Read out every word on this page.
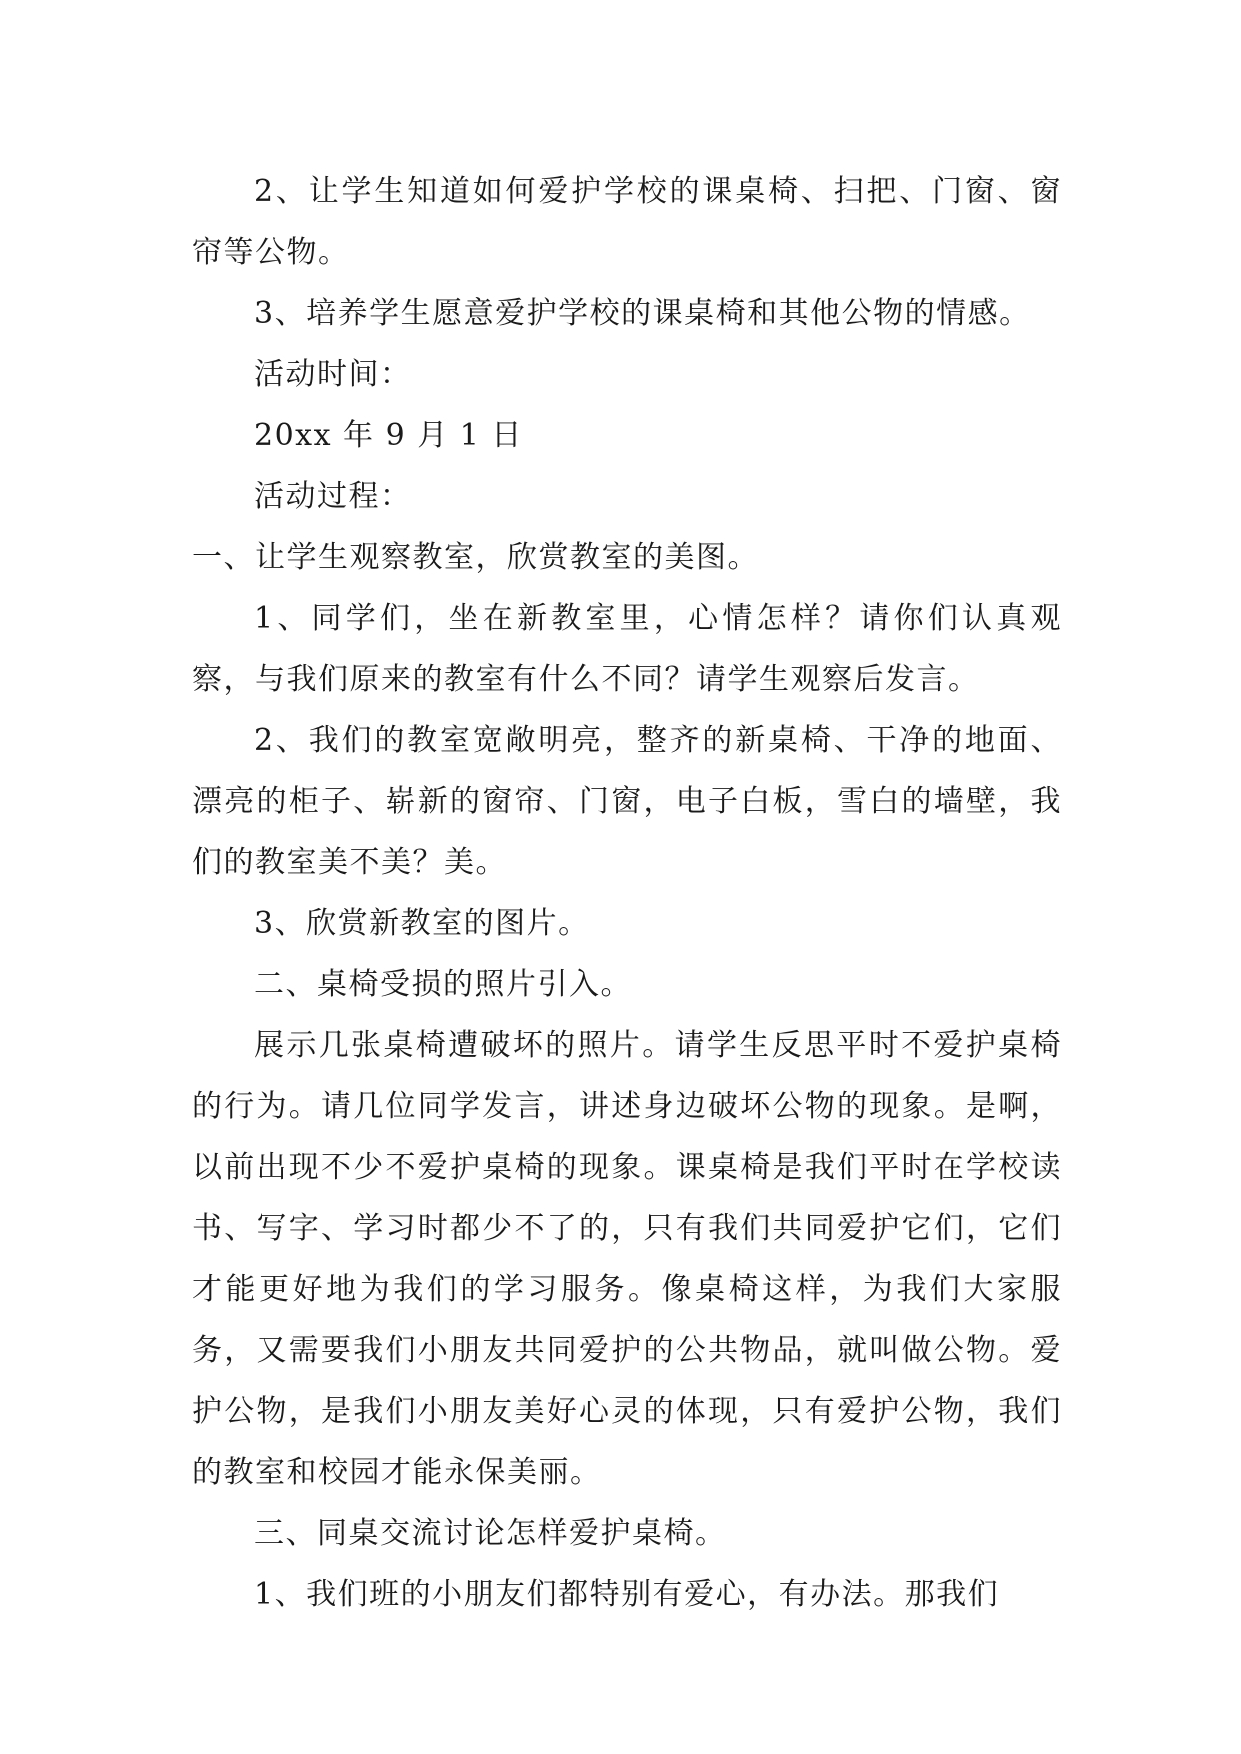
2、让学生知道如何爱护学校的课桌椅、扫把、门窗、窗帘等公物。

3、培养学生愿意爱护学校的课桌椅和其他公物的情感。

活动时间：

20xx 年 9 月 1 日

活动过程：

一、让学生观察教室，欣赏教室的美图。

1、同学们，坐在新教室里，心情怎样？请你们认真观察，与我们原来的教室有什么不同？请学生观察后发言。

2、我们的教室宽敞明亮，整齐的新桌椅、干净的地面、漂亮的柜子、崭新的窗帘、门窗，电子白板，雪白的墙壁，我们的教室美不美？美。

3、欣赏新教室的图片。

二、桌椅受损的照片引入。

展示几张桌椅遭破坏的照片。请学生反思平时不爱护桌椅的行为。请几位同学发言，讲述身边破坏公物的现象。是啊，以前出现不少不爱护桌椅的现象。课桌椅是我们平时在学校读书、写字、学习时都少不了的，只有我们共同爱护它们，它们才能更好地为我们的学习服务。像桌椅这样，为我们大家服务，又需要我们小朋友共同爱护的公共物品，就叫做公物。爱护公物，是我们小朋友美好心灵的体现，只有爱护公物，我们的教室和校园才能永保美丽。

三、同桌交流讨论怎样爱护桌椅。

1、我们班的小朋友们都特别有爱心，有办法。那我们
